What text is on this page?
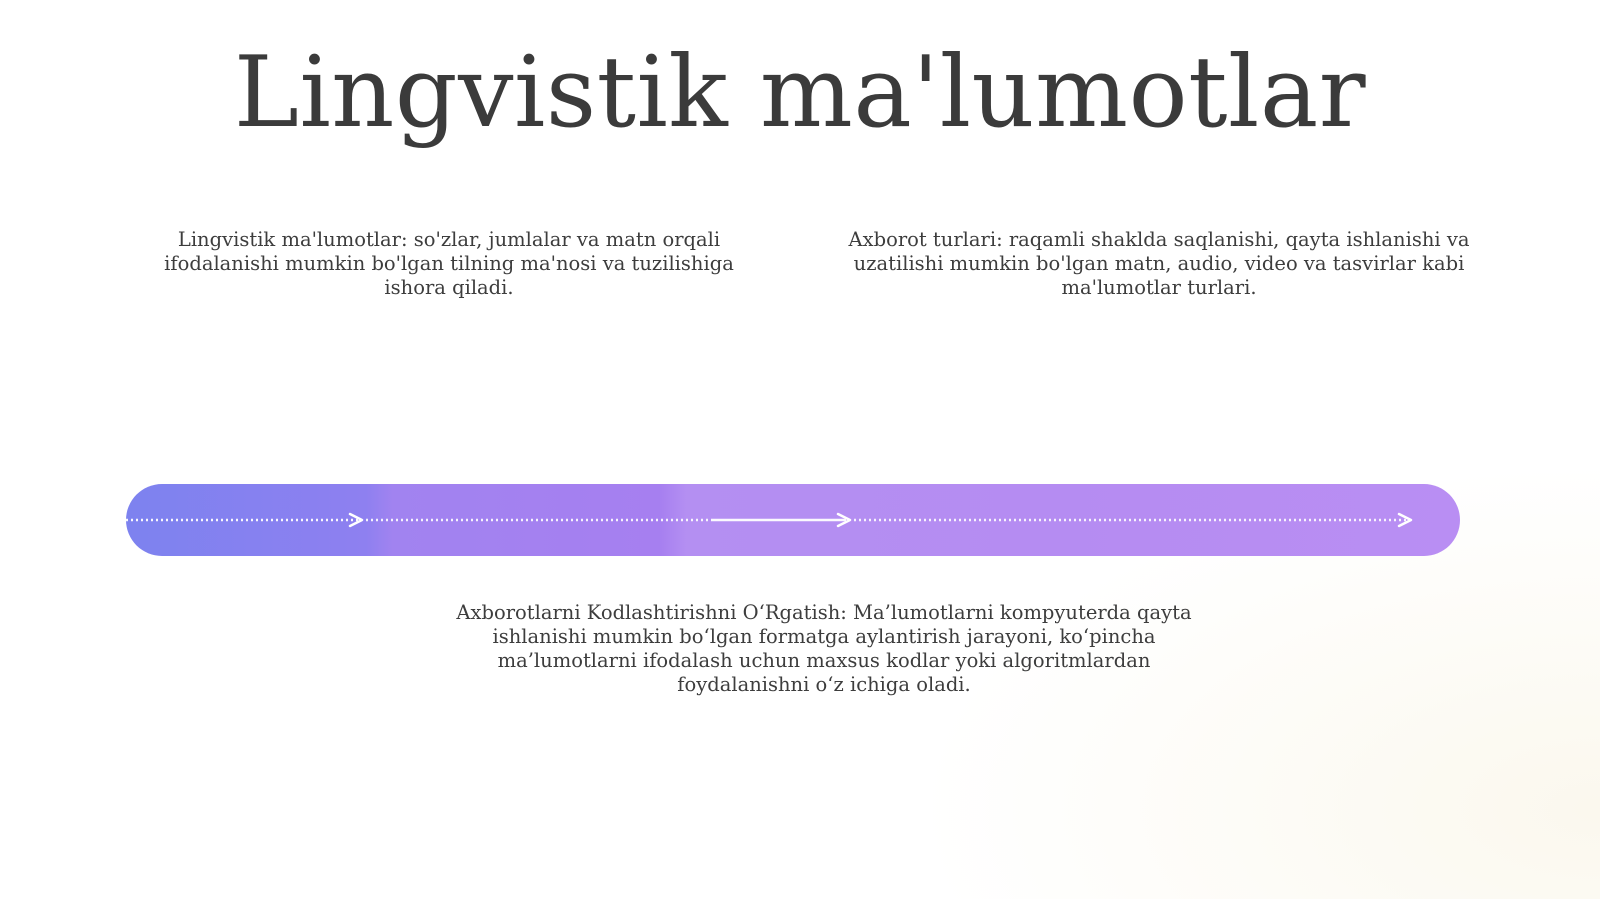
Lingvistik ma'lumotlar
Lingvistik ma'lumotlar: so'zlar, jumlalar va matn orqali ifodalanishi mumkin bo'lgan tilning ma'nosi va tuzilishiga ishora qiladi.
Axborot turlari: raqamli shaklda saqlanishi, qayta ishlanishi va uzatilishi mumkin bo'lgan matn, audio, video va tasvirlar kabi ma'lumotlar turlari.
Axborotlarni Kodlashtirishni O‘Rgatish: Ma’lumotlarni kompyuterda qayta ishlanishi mumkin bo‘lgan formatga aylantirish jarayoni, ko‘pincha ma’lumotlarni ifodalash uchun maxsus kodlar yoki algoritmlardan foydalanishni o‘z ichiga oladi.
